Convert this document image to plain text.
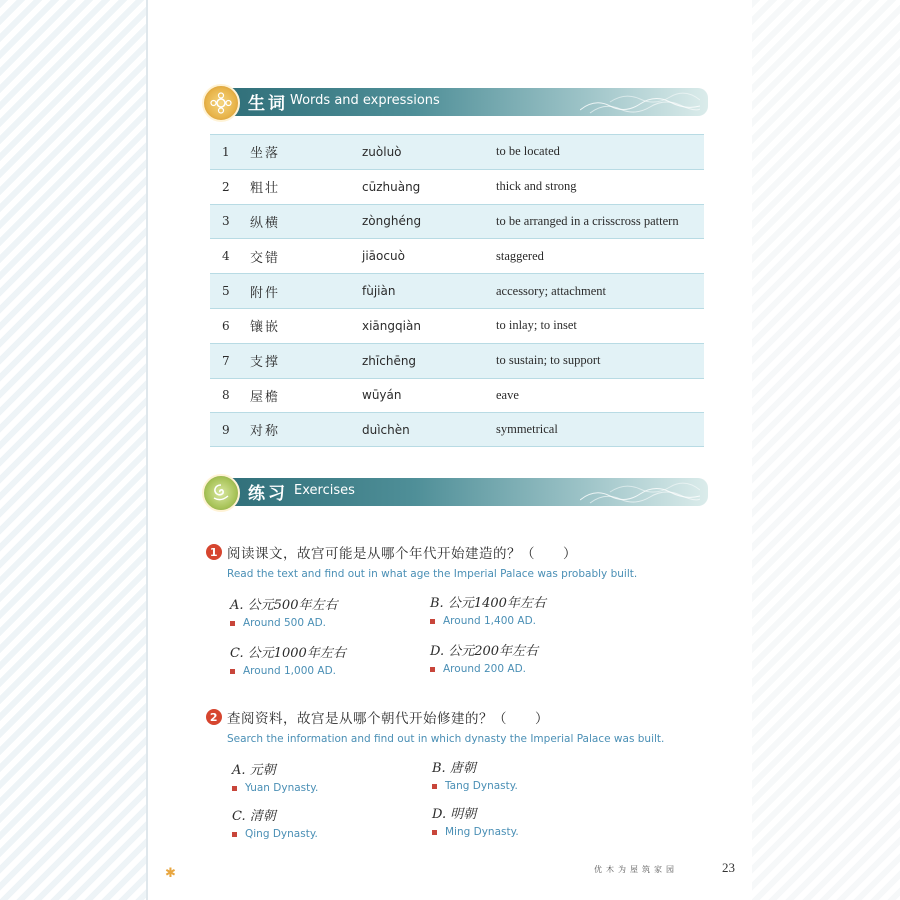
生词 Words and expressions
1	坐落	zuòluò	to be located
2	粗壮	cūzhuàng	thick and strong
3	纵横	zònghéng	to be arranged in a crisscross pattern
4	交错	jiāocuò	staggered
5	附件	fùjiàn	accessory; attachment
6	镶嵌	xiāngqiàn	to inlay; to inset
7	支撑	zhīchēng	to sustain; to support
8	屋檐	wūyán	eave
9	对称	duìchèn	symmetrical
练习 Exercises
1 阅读课文，故宫可能是从哪个年代开始建造的？（　　）
Read the text and find out in what age the Imperial Palace was probably built.
A. 公元500年左右
Around 500 AD.
B. 公元1400年左右
Around 1,400 AD.
C. 公元1000年左右
Around 1,000 AD.
D. 公元200年左右
Around 200 AD.
2 查阅资料，故宫是从哪个朝代开始修建的？（　　）
Search the information and find out in which dynasty the Imperial Palace was built.
A. 元朝
Yuan Dynasty.
B. 唐朝
Tang Dynasty.
C. 清朝
Qing Dynasty.
D. 明朝
Ming Dynasty.
✱	优木为屋筑家园	23
